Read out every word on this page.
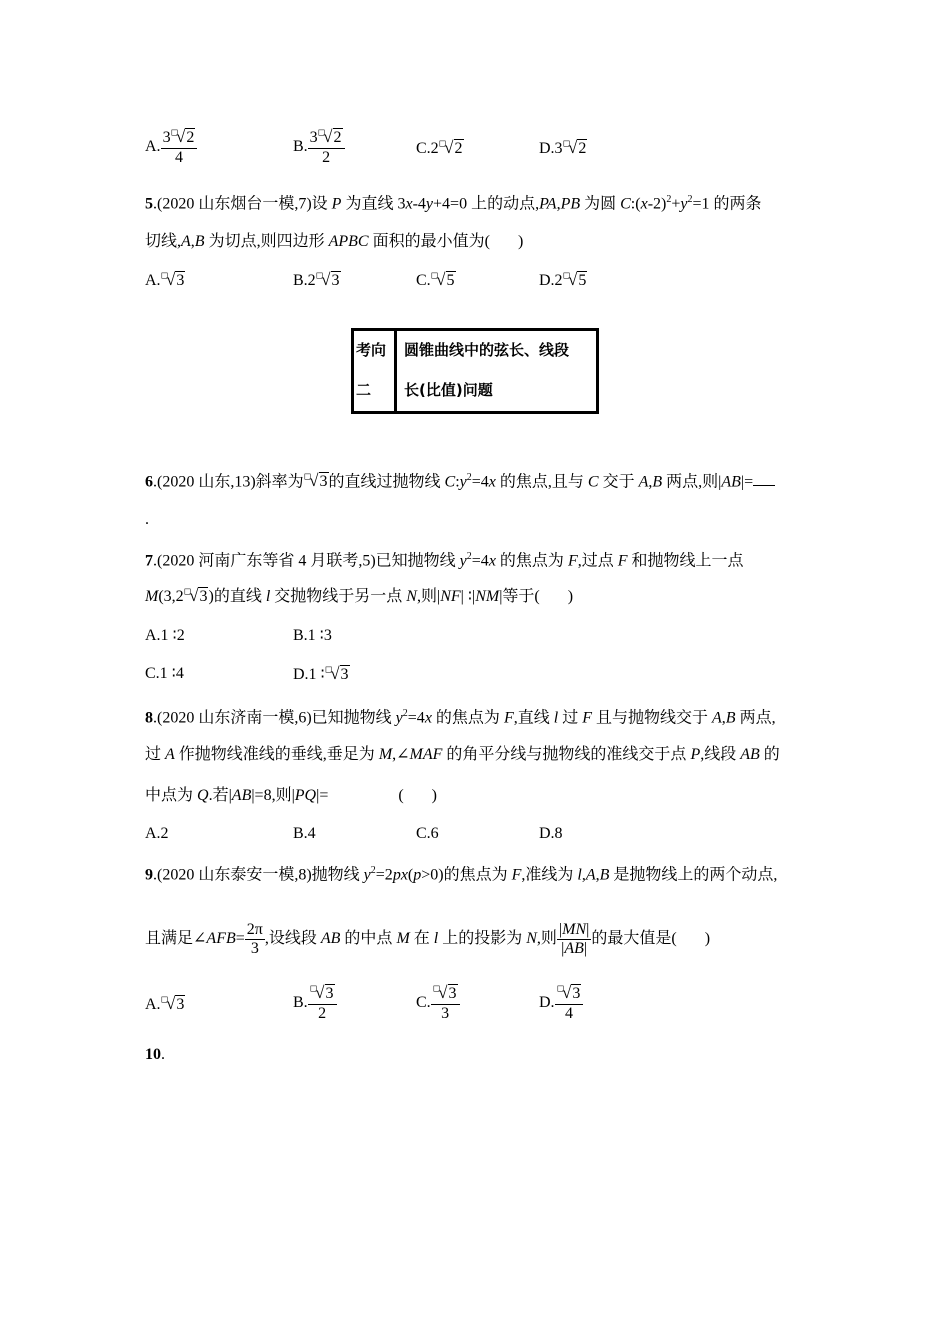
A. $\frac{3^◻√2}{4}$	B. $\frac{3^◻√2}{2}$	C.2◻√2	D.3◻√2
5.(2020 山东烟台一模,7)设 P 为直线 3x-4y+4=0 上的动点,PA,PB 为圆 $C:(x-2)^2+y^2=1$ 的两条
切线,A,B 为切点,则四边形 APBC 面积的最小值为( )
A.◻√3	B.2◻√3	C.◻√5	D.2◻√5
考向
二
圆锥曲线中的弦长、线段
长(比值)问题
6.(2020 山东,13)斜率为◻√3的直线过抛物线 $C:y^2=4x$ 的焦点,且与 C 交于 A,B 两点,则|AB|=
.
7.(2020 河南广东等省 4 月联考,5)已知抛物线 $y^2=4x$ 的焦点为 F,过点 F 和抛物线上一点
M(3,2◻√3)的直线 l 交抛物线于另一点 N,则|NF| ∶|NM|等于( )
A.1 ∶2	B.1 ∶3
C.1 ∶4	D.1 ∶◻√3
8.(2020 山东济南一模,6)已知抛物线 $y^2=4x$ 的焦点为 F,直线 l 过 F 且与抛物线交于 A,B 两点,
过 A 作抛物线准线的垂线,垂足为 M,∠MAF 的角平分线与抛物线的准线交于点 P,线段 AB 的
中点为 Q.若|AB|=8,则|PQ|=	( )
A.2	B.4	C.6	D.8
9.(2020 山东泰安一模,8)抛物线 $y^2=2px(p>0)$的焦点为 F,准线为 l,A,B 是抛物线上的两个动点,
且满足∠AFB= $\frac{2\pi}{3}$ ,设线段 AB 的中点 M 在 l 上的投影为 N,则 $\frac{|MN|}{|AB|}$ 的最大值是( )
A.◻√3	B. $\frac{^◻√3}{2}$	C. $\frac{^◻√3}{3}$	D. $\frac{^◻√3}{4}$
10.
